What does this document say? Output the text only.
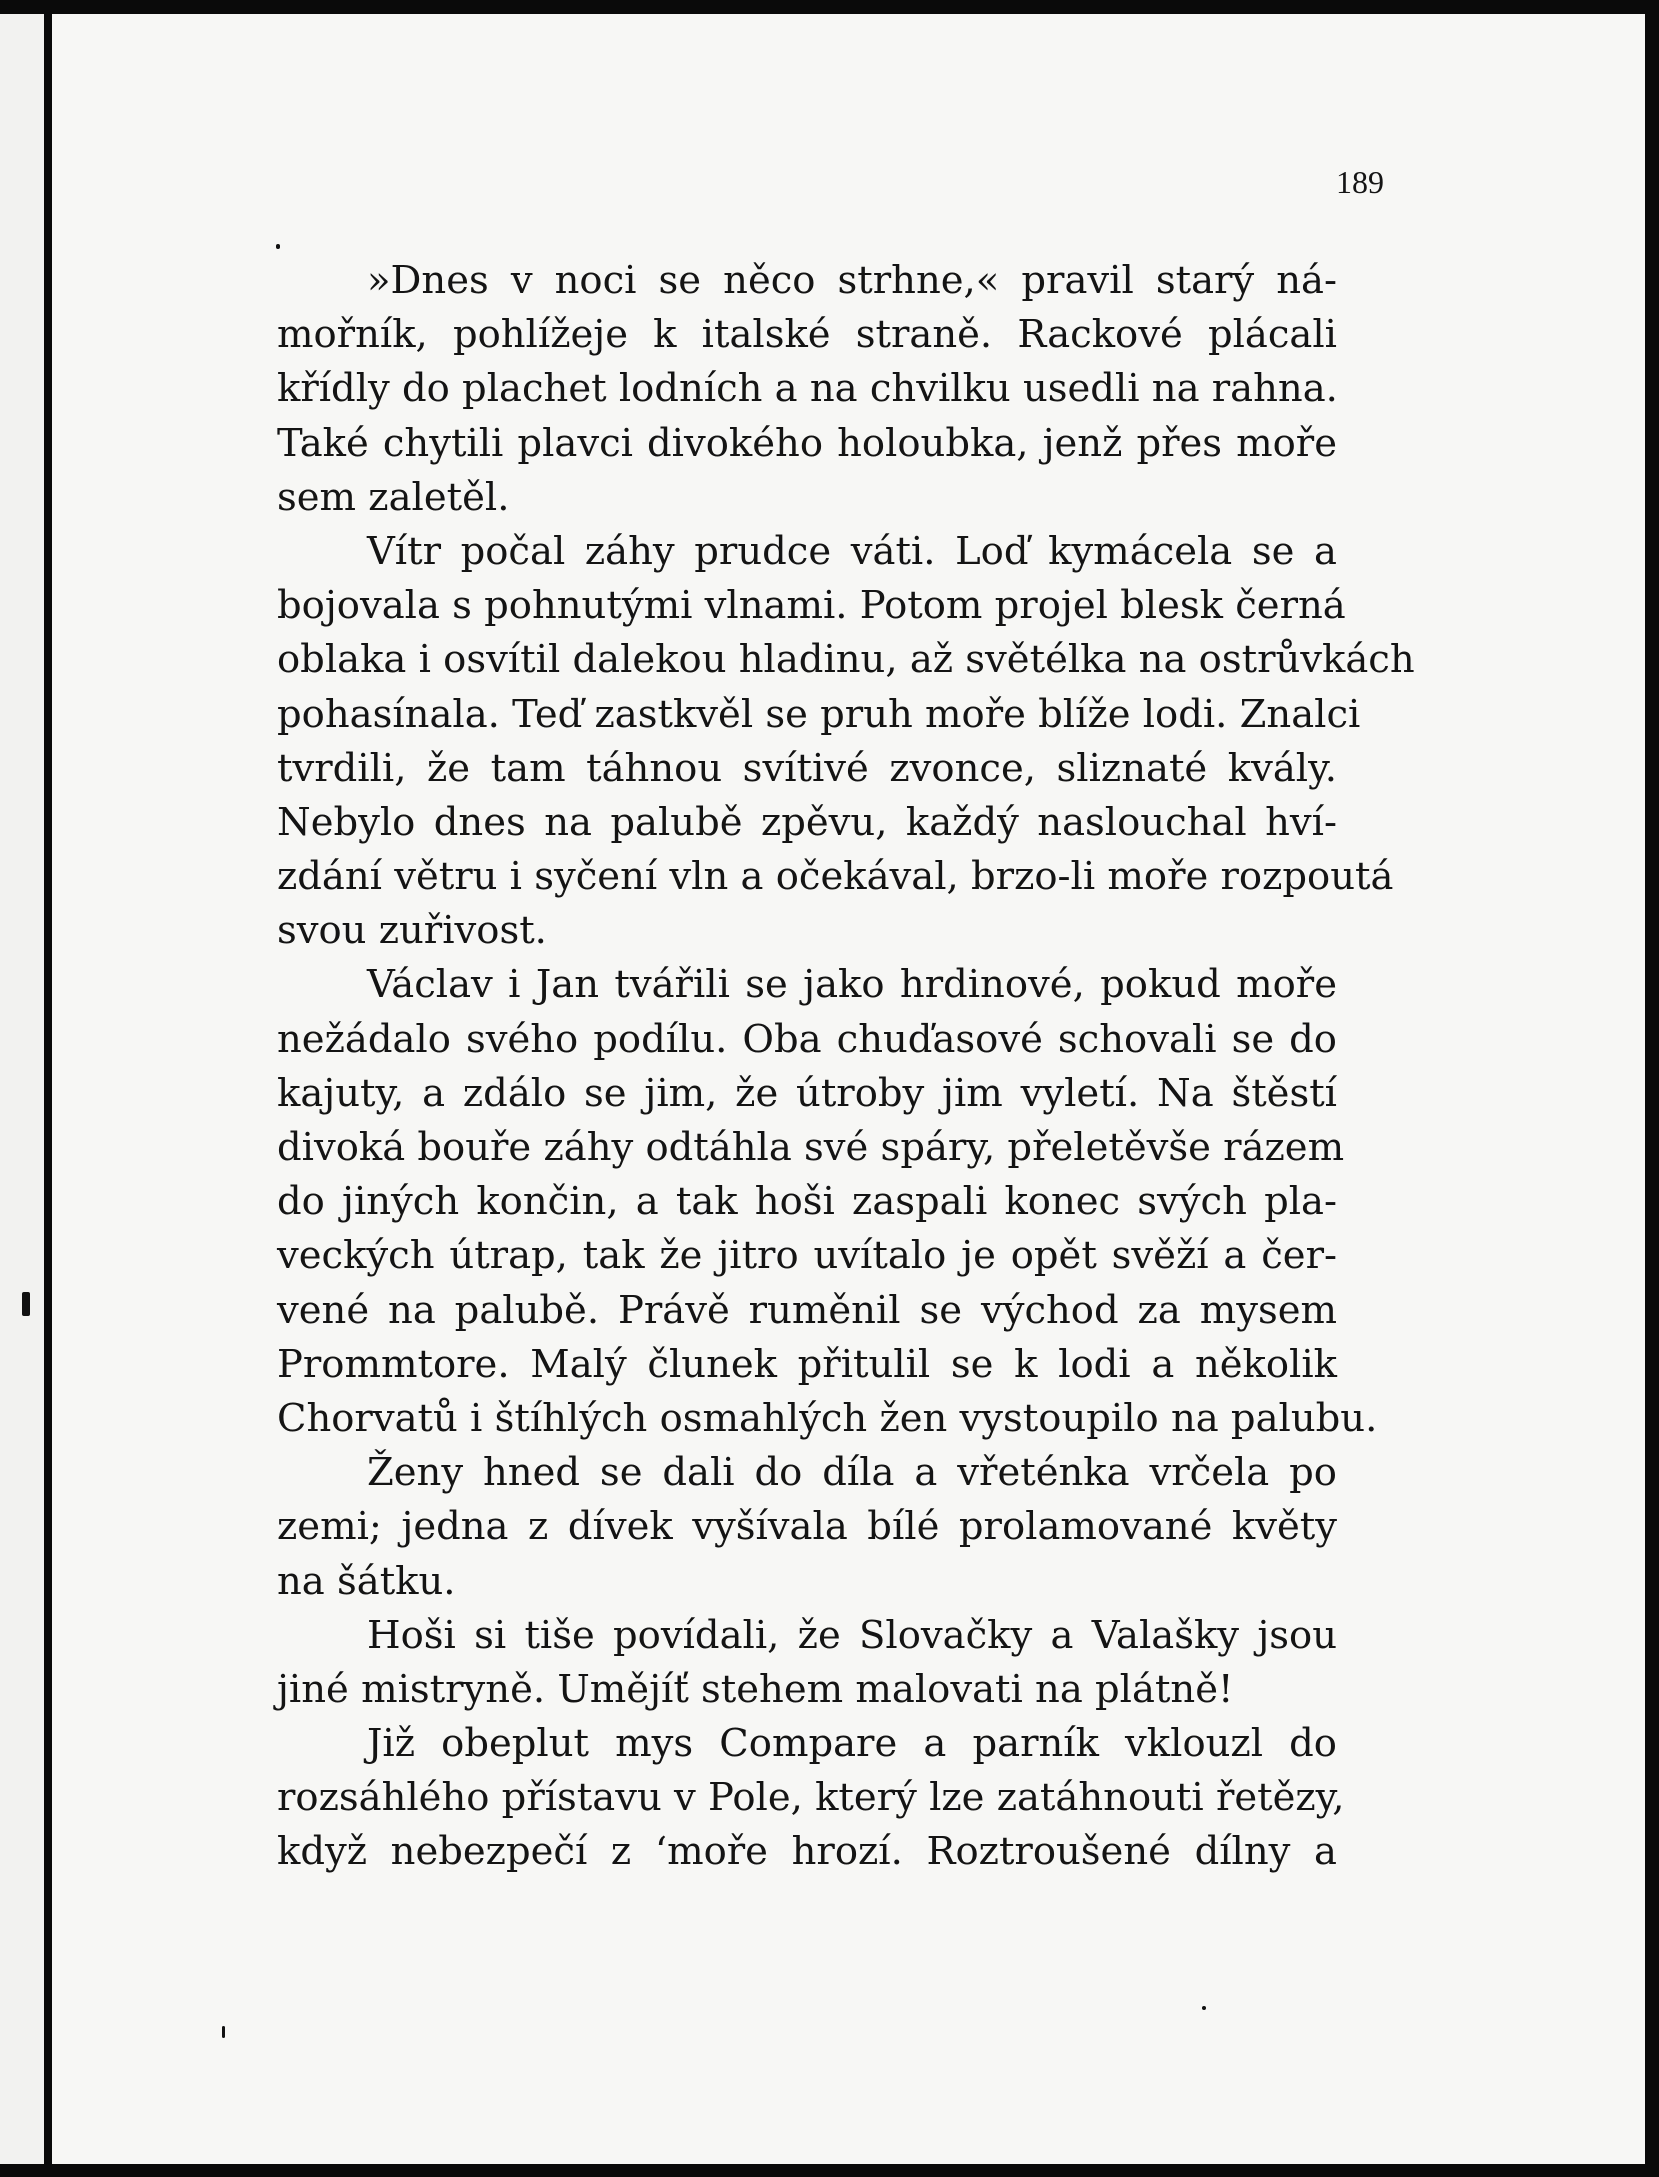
189
»Dnes v noci se něco strhne,« pravil starý ná-
mořník, pohlížeje k italské straně. Rackové plácali
křídly do plachet lodních a na chvilku usedli na rahna.
Také chytili plavci divokého holoubka, jenž přes moře
sem zaletěl.
Vítr počal záhy prudce váti. Loď kymácela se a
bojovala s pohnutými vlnami. Potom projel blesk černá
oblaka i osvítil dalekou hladinu, až světélka na ostrůvkách
pohasínala. Teď zastkvěl se pruh moře blíže lodi. Znalci
tvrdili, že tam táhnou svítivé zvonce, sliznaté kvály.
Nebylo dnes na palubě zpěvu, každý naslouchal hví-
zdání větru i syčení vln a očekával, brzo-li moře rozpoutá
svou zuřivost.
Václav i Jan tvářili se jako hrdinové, pokud moře
nežádalo svého podílu. Oba chuďasové schovali se do
kajuty, a zdálo se jim, že útroby jim vyletí. Na štěstí
divoká bouře záhy odtáhla své spáry, přeletěvše rázem
do jiných končin, a tak hoši zaspali konec svých pla-
veckých útrap, tak že jitro uvítalo je opět svěží a čer-
vené na palubě. Právě ruměnil se východ za mysem
Prommtore. Malý člunek přitulil se k lodi a několik
Chorvatů i štíhlých osmahlých žen vystoupilo na palubu.
Ženy hned se dali do díla a vřeténka vrčela po
zemi; jedna z dívek vyšívala bílé prolamované květy
na šátku.
Hoši si tiše povídali, že Slovačky a Valašky jsou
jiné mistryně. Umějíť stehem malovati na plátně!
Již obeplut mys Compare a parník vklouzl do
rozsáhlého přístavu v Pole, který lze zatáhnouti řetězy,
když nebezpečí z ‘moře hrozí. Roztroušené dílny a
